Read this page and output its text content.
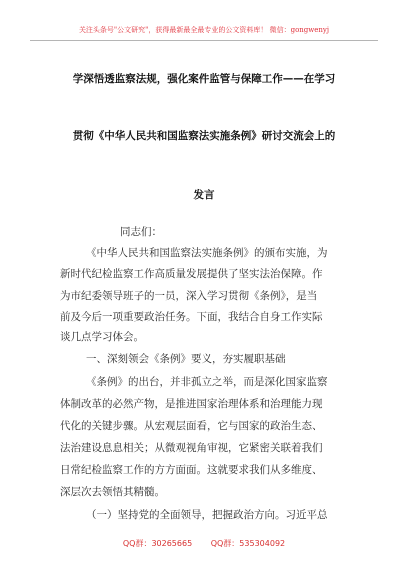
关注头条号"公文研究"，获得最新最全最专业的公文资料库！ 微信：gongwenyj
学深悟透监察法规，强化案件监管与保障工作——在学习
贯彻《中华人民共和国监察法实施条例》研讨交流会上的
发言
同志们：
《中华人民共和国监察法实施条例》的颁布实施，为
新时代纪检监察工作高质量发展提供了坚实法治保障。作
为市纪委领导班子的一员，深入学习贯彻《条例》，是当
前及今后一项重要政治任务。下面，我结合自身工作实际
谈几点学习体会。
一、深刻领会《条例》要义，夯实履职基础
《条例》的出台，并非孤立之举，而是深化国家监察
体制改革的必然产物，是推进国家治理体系和治理能力现
代化的关键步骤。从宏观层面看，它与国家的政治生态、
法治建设息息相关；从微观视角审视，它紧密关联着我们
日常纪检监察工作的方方面面。这就要求我们从多维度、
深层次去领悟其精髓。
（一）坚持党的全面领导，把握政治方向。习近平总
QQ群：30265665 QQ群：535304092
